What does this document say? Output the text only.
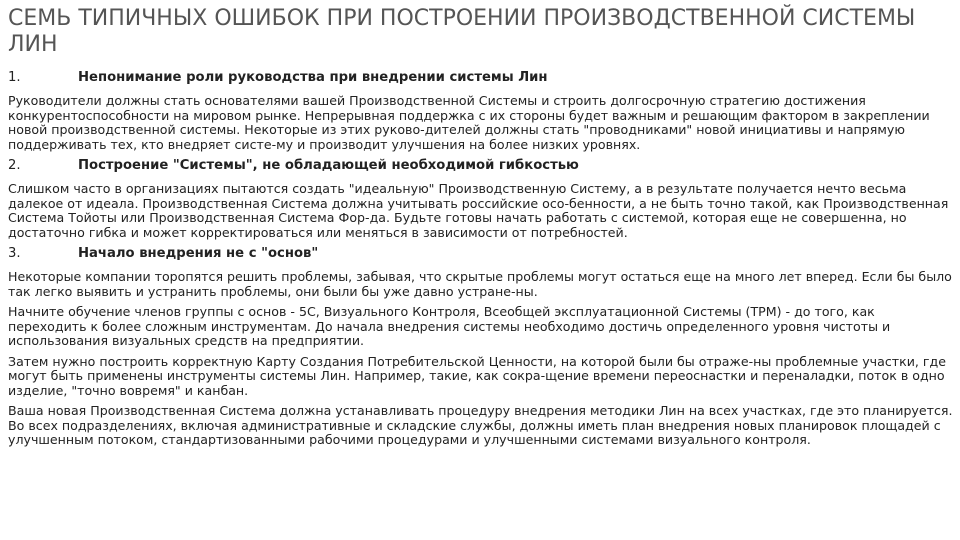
СЕМЬ ТИПИЧНЫХ ОШИБОК ПРИ ПОСТРОЕНИИ ПРОИЗВОДСТВЕННОЙ СИСТЕМЫ ЛИН
1.	Непонимание роли руководства при внедрении системы Лин

Руководители должны стать основателями вашей Производственной Системы и строить долгосрочную стратегию достижения конкурентоспособности на мировом рынке. Непрерывная поддержка с их стороны будет важным и решающим фактором в закреплении новой производственной системы. Некоторые из этих руково-дителей должны стать "проводниками" новой инициативы и напрямую поддерживать тех, кто внедряет систе-му и производит улучшения на более низких уровнях.

2.	Построение "Системы", не обладающей необходимой гибкостью

Слишком часто в организациях пытаются создать "идеальную" Производственную Систему, а в результате получается нечто весьма далекое от идеала. Производственная Система должна учитывать российские осо-бенности, а не быть точно такой, как Производственная Система Тойоты или Производственная Система Фор-да. Будьте готовы начать работать с системой, которая еще не совершенна, но достаточно гибка и может корректироваться или меняться в зависимости от потребностей.

3.	Начало внедрения не с "основ"

Некоторые компании торопятся решить проблемы, забывая, что скрытые проблемы могут остаться еще на много лет вперед. Если бы было так легко выявить и устранить проблемы, они были бы уже давно устране-ны.

Начните обучение членов группы с основ - 5С, Визуального Контроля, Всеобщей эксплуатационной Системы (ТРМ) - до того, как переходить к более сложным инструментам. До начала внедрения системы необходимо достичь определенного уровня чистоты и использования визуальных средств на предприятии.

Затем нужно построить корректную Карту Создания Потребительской Ценности, на которой были бы отраже-ны проблемные участки, где могут быть применены инструменты системы Лин. Например, такие, как сокра-щение времени переоснастки и переналадки, поток в одно изделие, "точно вовремя" и канбан.

Ваша новая Производственная Система должна устанавливать процедуру внедрения методики Лин на всех участках, где это планируется. Во всех подразделениях, включая административные и складские службы, должны иметь план внедрения новых планировок площадей с улучшенным потоком, стандартизованными рабочими процедурами и улучшенными системами визуального контроля.
